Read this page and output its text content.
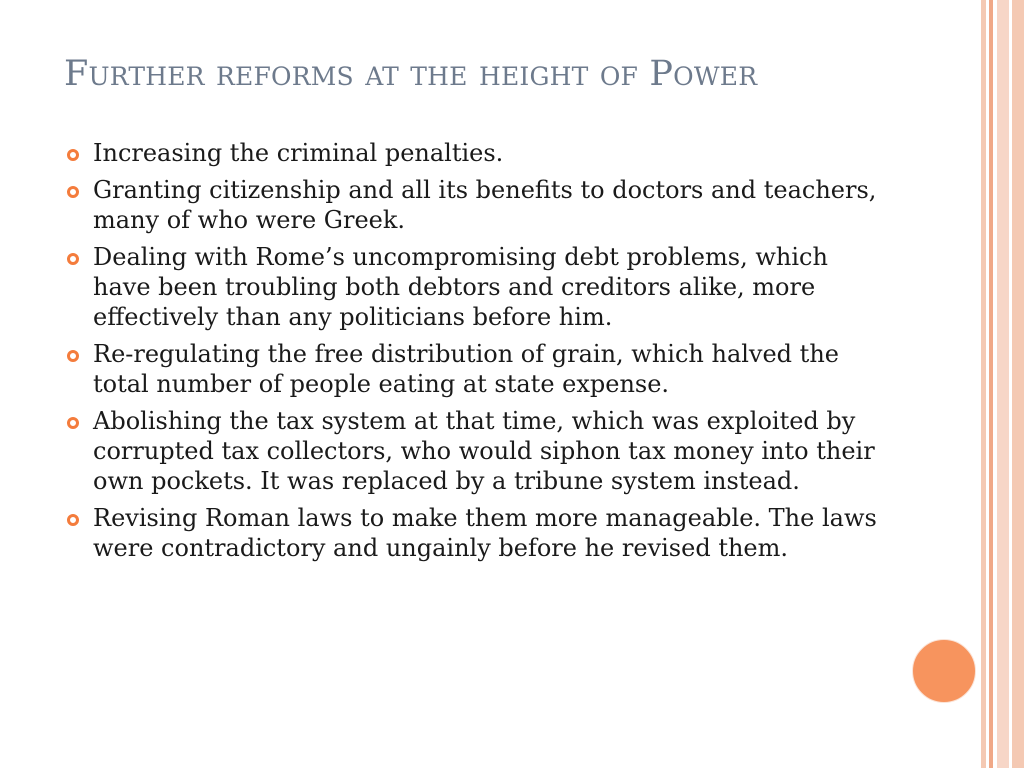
Further reforms at the height of Power
Increasing the criminal penalties.
Granting citizenship and all its benefits to doctors and teachers, many of who were Greek.
Dealing with Rome’s uncompromising debt problems, which have been troubling both debtors and creditors alike, more effectively than any politicians before him.
Re-regulating the free distribution of grain, which halved the total number of people eating at state expense.
Abolishing the tax system at that time, which was exploited by corrupted tax collectors, who would siphon tax money into their own pockets. It was replaced by a tribune system instead.
Revising Roman laws to make them more manageable. The laws were contradictory and ungainly before he revised them.
